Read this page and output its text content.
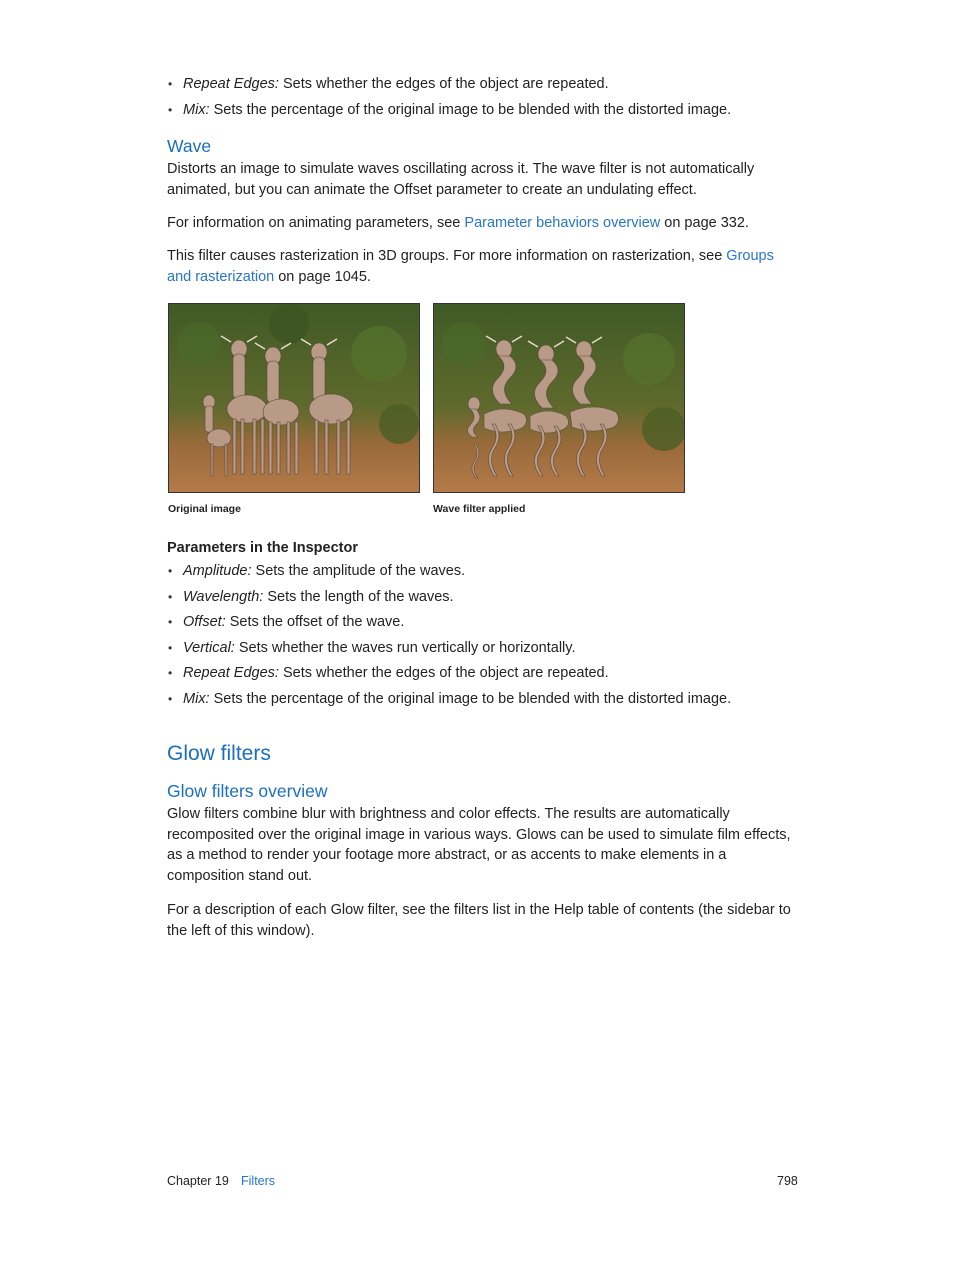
• Repeat Edges: Sets whether the edges of the object are repeated.
• Mix: Sets the percentage of the original image to be blended with the distorted image.
Wave

Distorts an image to simulate waves oscillating across it. The wave filter is not automatically animated, but you can animate the Offset parameter to create an undulating effect.

For information on animating parameters, see Parameter behaviors overview on page 332.

This filter causes rasterization in 3D groups. For more information on rasterization, see Groups and rasterization on page 1045.

Original image	Wave filter applied
Parameters in the Inspector
• Amplitude: Sets the amplitude of the waves.
• Wavelength: Sets the length of the waves.
• Offset: Sets the offset of the wave.
• Vertical: Sets whether the waves run vertically or horizontally.
• Repeat Edges: Sets whether the edges of the object are repeated.
• Mix: Sets the percentage of the original image to be blended with the distorted image.
Glow filters
Glow filters overview

Glow filters combine blur with brightness and color effects. The results are automatically recomposited over the original image in various ways. Glows can be used to simulate film effects, as a method to render your footage more abstract, or as accents to make elements in a composition stand out.

For a description of each Glow filter, see the filters list in the Help table of contents (the sidebar to the left of this window).

Chapter 19 Filters	798
